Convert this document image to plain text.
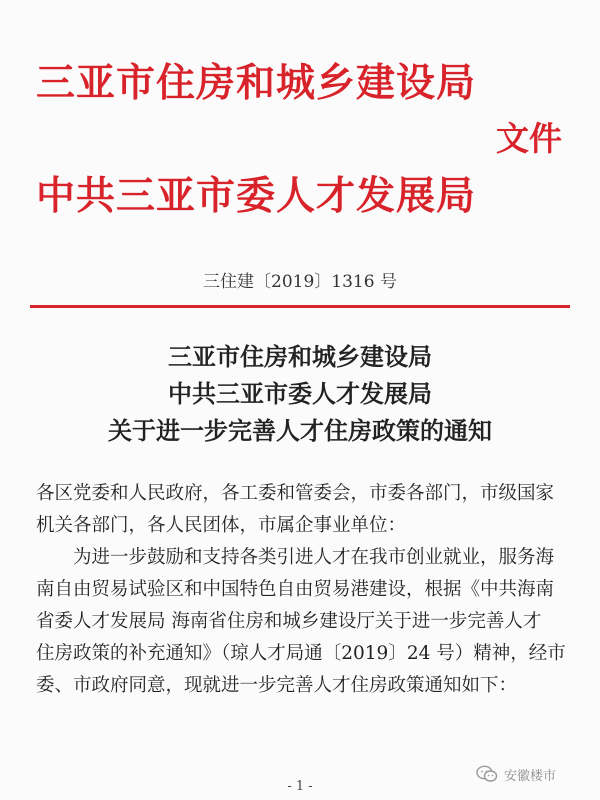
三亚市住房和城乡建设局
文件
中共三亚市委人才发展局
三住建〔2019〕1316 号
三亚市住房和城乡建设局
中共三亚市委人才发展局
关于进一步完善人才住房政策的通知
各区党委和人民政府，各工委和管委会，市委各部门，市级国家
机关各部门，各人民团体，市属企事业单位：
为进一步鼓励和支持各类引进人才在我市创业就业，服务海
南自由贸易试验区和中国特色自由贸易港建设，根据《中共海南
省委人才发展局 海南省住房和城乡建设厅关于进一步完善人才
住房政策的补充通知》（琼人才局通〔2019〕24 号）精神，经市
委、市政府同意，现就进一步完善人才住房政策通知如下：
安徽楼市
- 1 -
